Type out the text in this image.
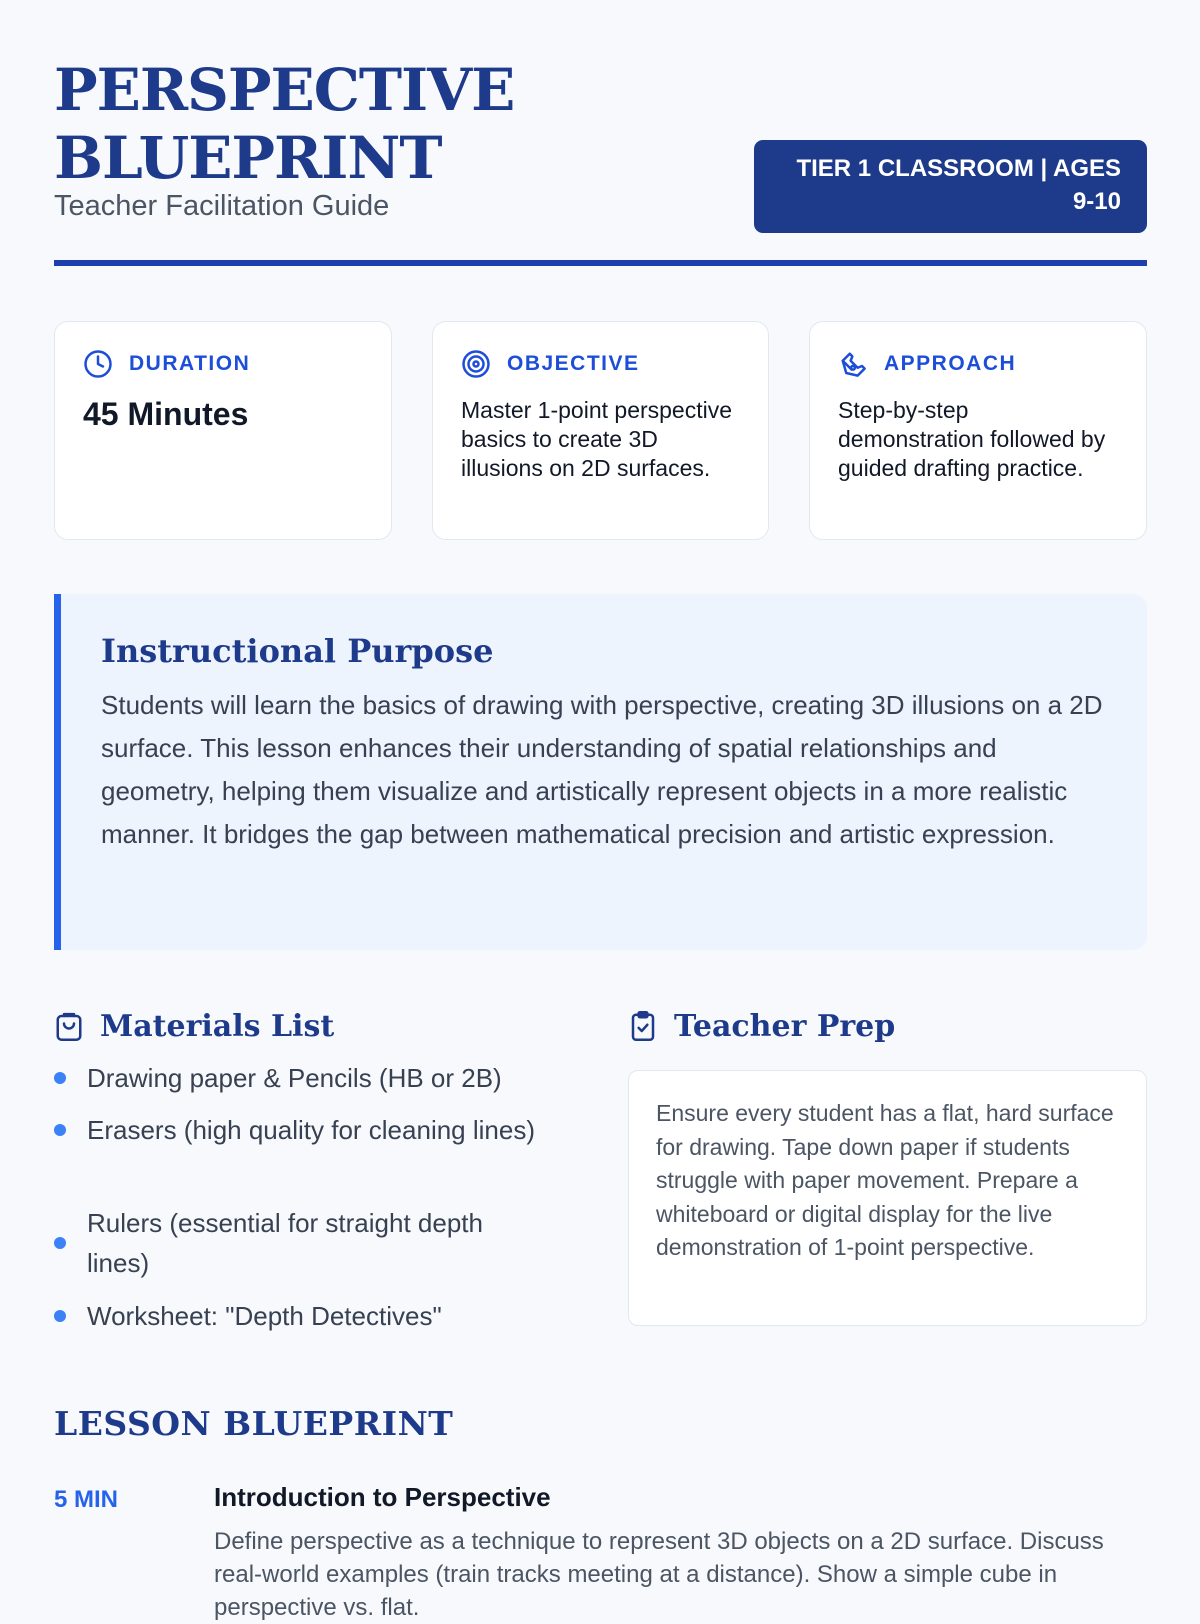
PERSPECTIVE
BLUEPRINT
Teacher Facilitation Guide
TIER 1 CLASSROOM | AGES 9-10
DURATION
45 Minutes
OBJECTIVE
Master 1-point perspective basics to create 3D illusions on 2D surfaces.
APPROACH
Step-by-step demonstration followed by guided drafting practice.
Instructional Purpose

Students will learn the basics of drawing with perspective, creating 3D illusions on a 2D surface. This lesson enhances their understanding of spatial relationships and geometry, helping them visualize and artistically represent objects in a more realistic manner. It bridges the gap between mathematical precision and artistic expression.

Materials List
Drawing paper & Pencils (HB or 2B)
Erasers (high quality for cleaning lines)
Rulers (essential for straight depth lines)
Worksheet: "Depth Detectives"
Teacher Prep
Ensure every student has a flat, hard surface for drawing. Tape down paper if students struggle with paper movement. Prepare a whiteboard or digital display for the live demonstration of 1-point perspective.
LESSON BLUEPRINT
5 MIN	Introduction to Perspective
Define perspective as a technique to represent 3D objects on a 2D surface. Discuss real-world examples (train tracks meeting at a distance). Show a simple cube in perspective vs. flat.
